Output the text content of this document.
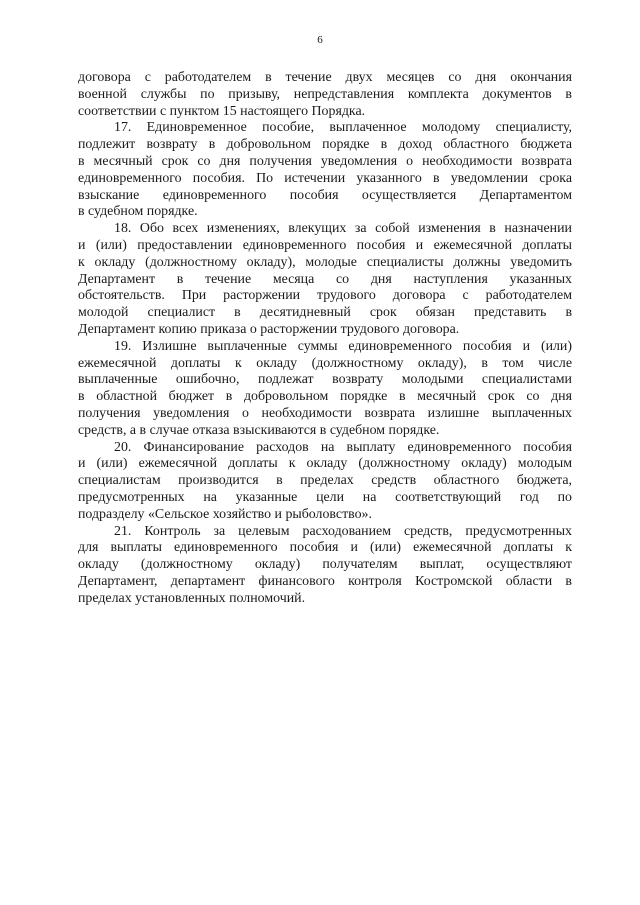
6

договора с работодателем в течение двух месяцев со дня окончания
военной службы по призыву, непредставления комплекта документов в
соответствии с пунктом 15 настоящего Порядка.

17. Единовременное пособие, выплаченное молодому специалисту,
подлежит возврату в добровольном порядке в доход областного бюджета
в месячный срок со дня получения уведомления о необходимости возврата
единовременного пособия. По истечении указанного в уведомлении срока
взыскание единовременного пособия осуществляется Департаментом
в судебном порядке.

18. Обо всех изменениях, влекущих за собой изменения в назначении
и (или) предоставлении единовременного пособия и ежемесячной доплаты
к окладу (должностному окладу), молодые специалисты должны уведомить
Департамент в течение месяца со дня наступления указанных
обстоятельств. При расторжении трудового договора с работодателем
молодой специалист в десятидневный срок обязан представить в
Департамент копию приказа о расторжении трудового договора.

19. Излишне выплаченные суммы единовременного пособия и (или)
ежемесячной доплаты к окладу (должностному окладу), в том числе
выплаченные ошибочно, подлежат возврату молодыми специалистами
в областной бюджет в добровольном порядке в месячный срок со дня
получения уведомления о необходимости возврата излишне выплаченных
средств, а в случае отказа взыскиваются в судебном порядке.

20. Финансирование расходов на выплату единовременного пособия
и (или) ежемесячной доплаты к окладу (должностному окладу) молодым
специалистам производится в пределах средств областного бюджета,
предусмотренных на указанные цели на соответствующий год по
подразделу «Сельское хозяйство и рыболовство».

21. Контроль за целевым расходованием средств, предусмотренных
для выплаты единовременного пособия и (или) ежемесячной доплаты к
окладу (должностному окладу) получателям выплат, осуществляют
Департамент, департамент финансового контроля Костромской области в
пределах установленных полномочий.
